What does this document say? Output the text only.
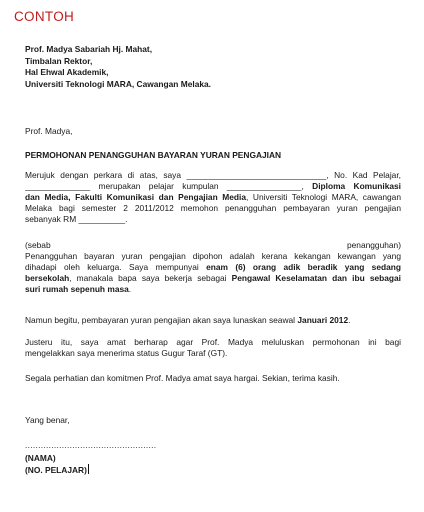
CONTOH
Prof. Madya Sabariah Hj. Mahat,
Timbalan Rektor,
Hal Ehwal Akademik,
Universiti Teknologi MARA, Cawangan Melaka.
Prof. Madya,
PERMOHONAN PENANGGUHAN BAYARAN YURAN PENGAJIAN
Merujuk dengan perkara di atas, saya ______________________________, No. Kad Pelajar,
______________ merupakan pelajar kumpulan ________________, Diploma Komunikasi
dan Media, Fakulti Komunikasi dan Pengajian Media, Universiti Teknologi MARA, cawangan
Melaka bagi semester 2 2011/2012 memohon penangguhan pembayaran yuran pengajian
sebanyak RM __________.
(sebab penangguhan)
Penangguhan bayaran yuran pengajian dipohon adalah kerana kekangan kewangan yang
dihadapi oleh keluarga. Saya mempunyai enam (6) orang adik beradik yang sedang
bersekolah, manakala bapa saya bekerja sebagai Pengawal Keselamatan dan ibu sebagai
suri rumah sepenuh masa.
Namun begitu, pembayaran yuran pengajian akan saya lunaskan seawal Januari 2012.
Justeru itu, saya amat berharap agar Prof. Madya meluluskan permohonan ini bagi
mengelakkan saya menerima status Gugur Taraf (GT).
Segala perhatian dan komitmen Prof. Madya amat saya hargai. Sekian, terima kasih.
Yang benar,
..................................................
(NAMA)
(NO. PELAJAR)
